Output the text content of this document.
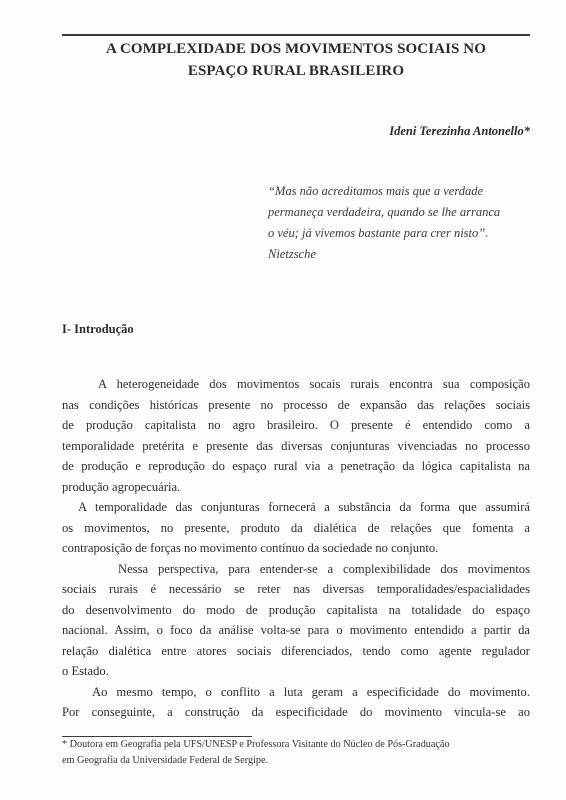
A COMPLEXIDADE DOS MOVIMENTOS SOCIAIS NO
ESPAÇO RURAL BRASILEIRO
Ideni Terezinha Antonello*
“Mas não acreditamos mais que a verdade
permaneça verdadeira, quando se lhe arranca
o véu; já vivemos bastante para crer nisto”.
Nietzsche
I- Introdução
A heterogeneidade dos movimentos socais rurais encontra sua composição
nas condições históricas presente no processo de expansão das relações sociais
de produção capitalista no agro brasileiro. O presente é entendido como a
temporalidade pretérita e presente das diversas conjunturas vivenciadas no processo
de produção e reprodução do espaço rural via a penetração da lógica capitalista na
produção agropecuária.
A temporalidade das conjunturas fornecerá a substância da forma que assumirá
os movimentos, no presente, produto da dialética de relações que fomenta a
contraposição de forças no movimento contínuo da sociedade no conjunto.
Nessa perspectiva, para entender-se a complexibilidade dos movimentos
sociais rurais é necessário se reter nas diversas temporalidades/espacialidades
do desenvolvimento do modo de produção capitalista na totalidade do espaço
nacional. Assim, o foco da análise volta-se para o movimento entendido a partir da
relação dialética entre atores sociais diferenciados, tendo como agente regulador
o Estado.
Ao mesmo tempo, o conflito a luta geram a especificidade do movimento.
Por conseguinte, a construção da especificidade do movimento vincula-se ao
* Doutora em Geografia pela UFS/UNESP e Professora Visitante do Núcleo de Pós-Graduação
em Geografia da Universidade Federal de Sergipe.
